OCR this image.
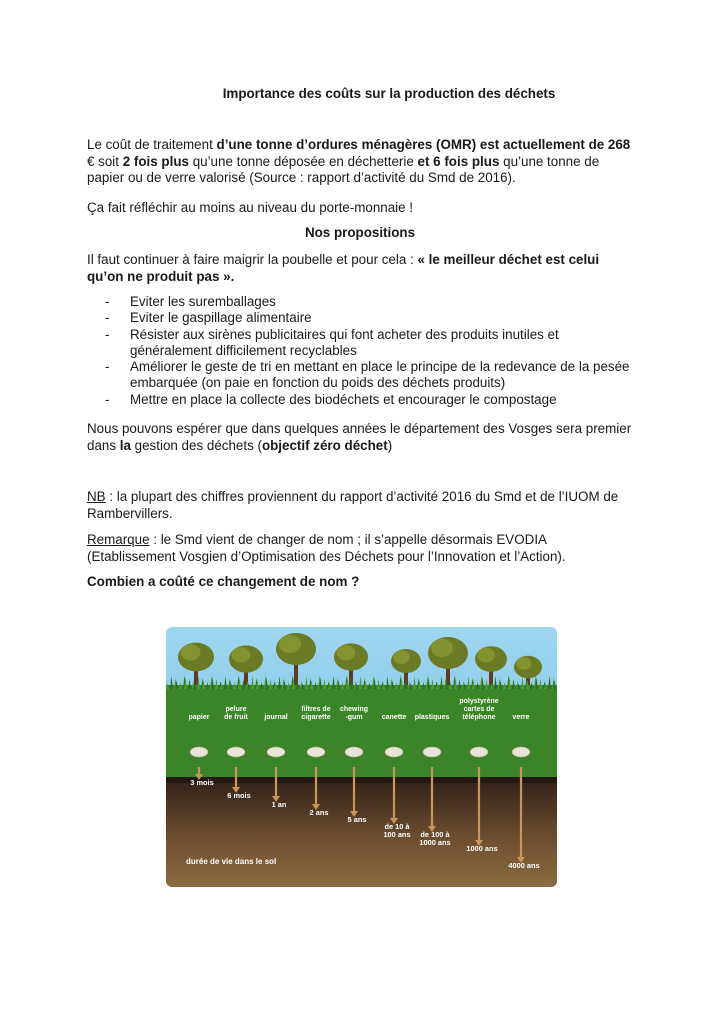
Importance des coûts sur la production des déchets

Le coût de traitement d’une tonne d’ordures ménagères (OMR) est actuellement de 268
€ soit 2 fois plus qu’une tonne déposée en déchetterie et 6 fois plus qu’une tonne de
papier ou de verre valorisé (Source : rapport d’activité du Smd de 2016).

Ça fait réfléchir au moins au niveau du porte-monnaie !

Nos propositions

Il faut continuer à faire maigrir la poubelle et pour cela : « le meilleur déchet est celui
qu’on ne produit pas ».

- Eviter les suremballages
- Eviter le gaspillage alimentaire
- Résister aux sirènes publicitaires qui font acheter des produits inutiles et
généralement difficilement recyclables
- Améliorer le geste de tri en mettant en place le principe de la redevance de la pesée
embarquée (on paie en fonction du poids des déchets produits)
- Mettre en place la collecte des biodéchets et encourager le compostage

Nous pouvons espérer que dans quelques années le département des Vosges sera premier
dans la gestion des déchets (objectif zéro déchet)

NB : la plupart des chiffres proviennent du rapport d’activité 2016 du Smd et de l’IUOM de
Rambervillers.

Remarque : le Smd vient de changer de nom ; il s’appelle désormais EVODIA
(Etablissement Vosgien d’Optimisation des Déchets pour l’Innovation et l’Action).

Combien a coûté ce changement de nom ?

papier
3 mois
pelure
de fruit
6 mois
journal
1 an
filtres de
cigarette
2 ans
chewing
-gum
5 ans
canette
de 10 à
100 ans
plastiques
de 100 à
1000 ans
polystyrène
cartes de
téléphone
1000 ans
verre
4000 ans
durée de vie dans le sol
